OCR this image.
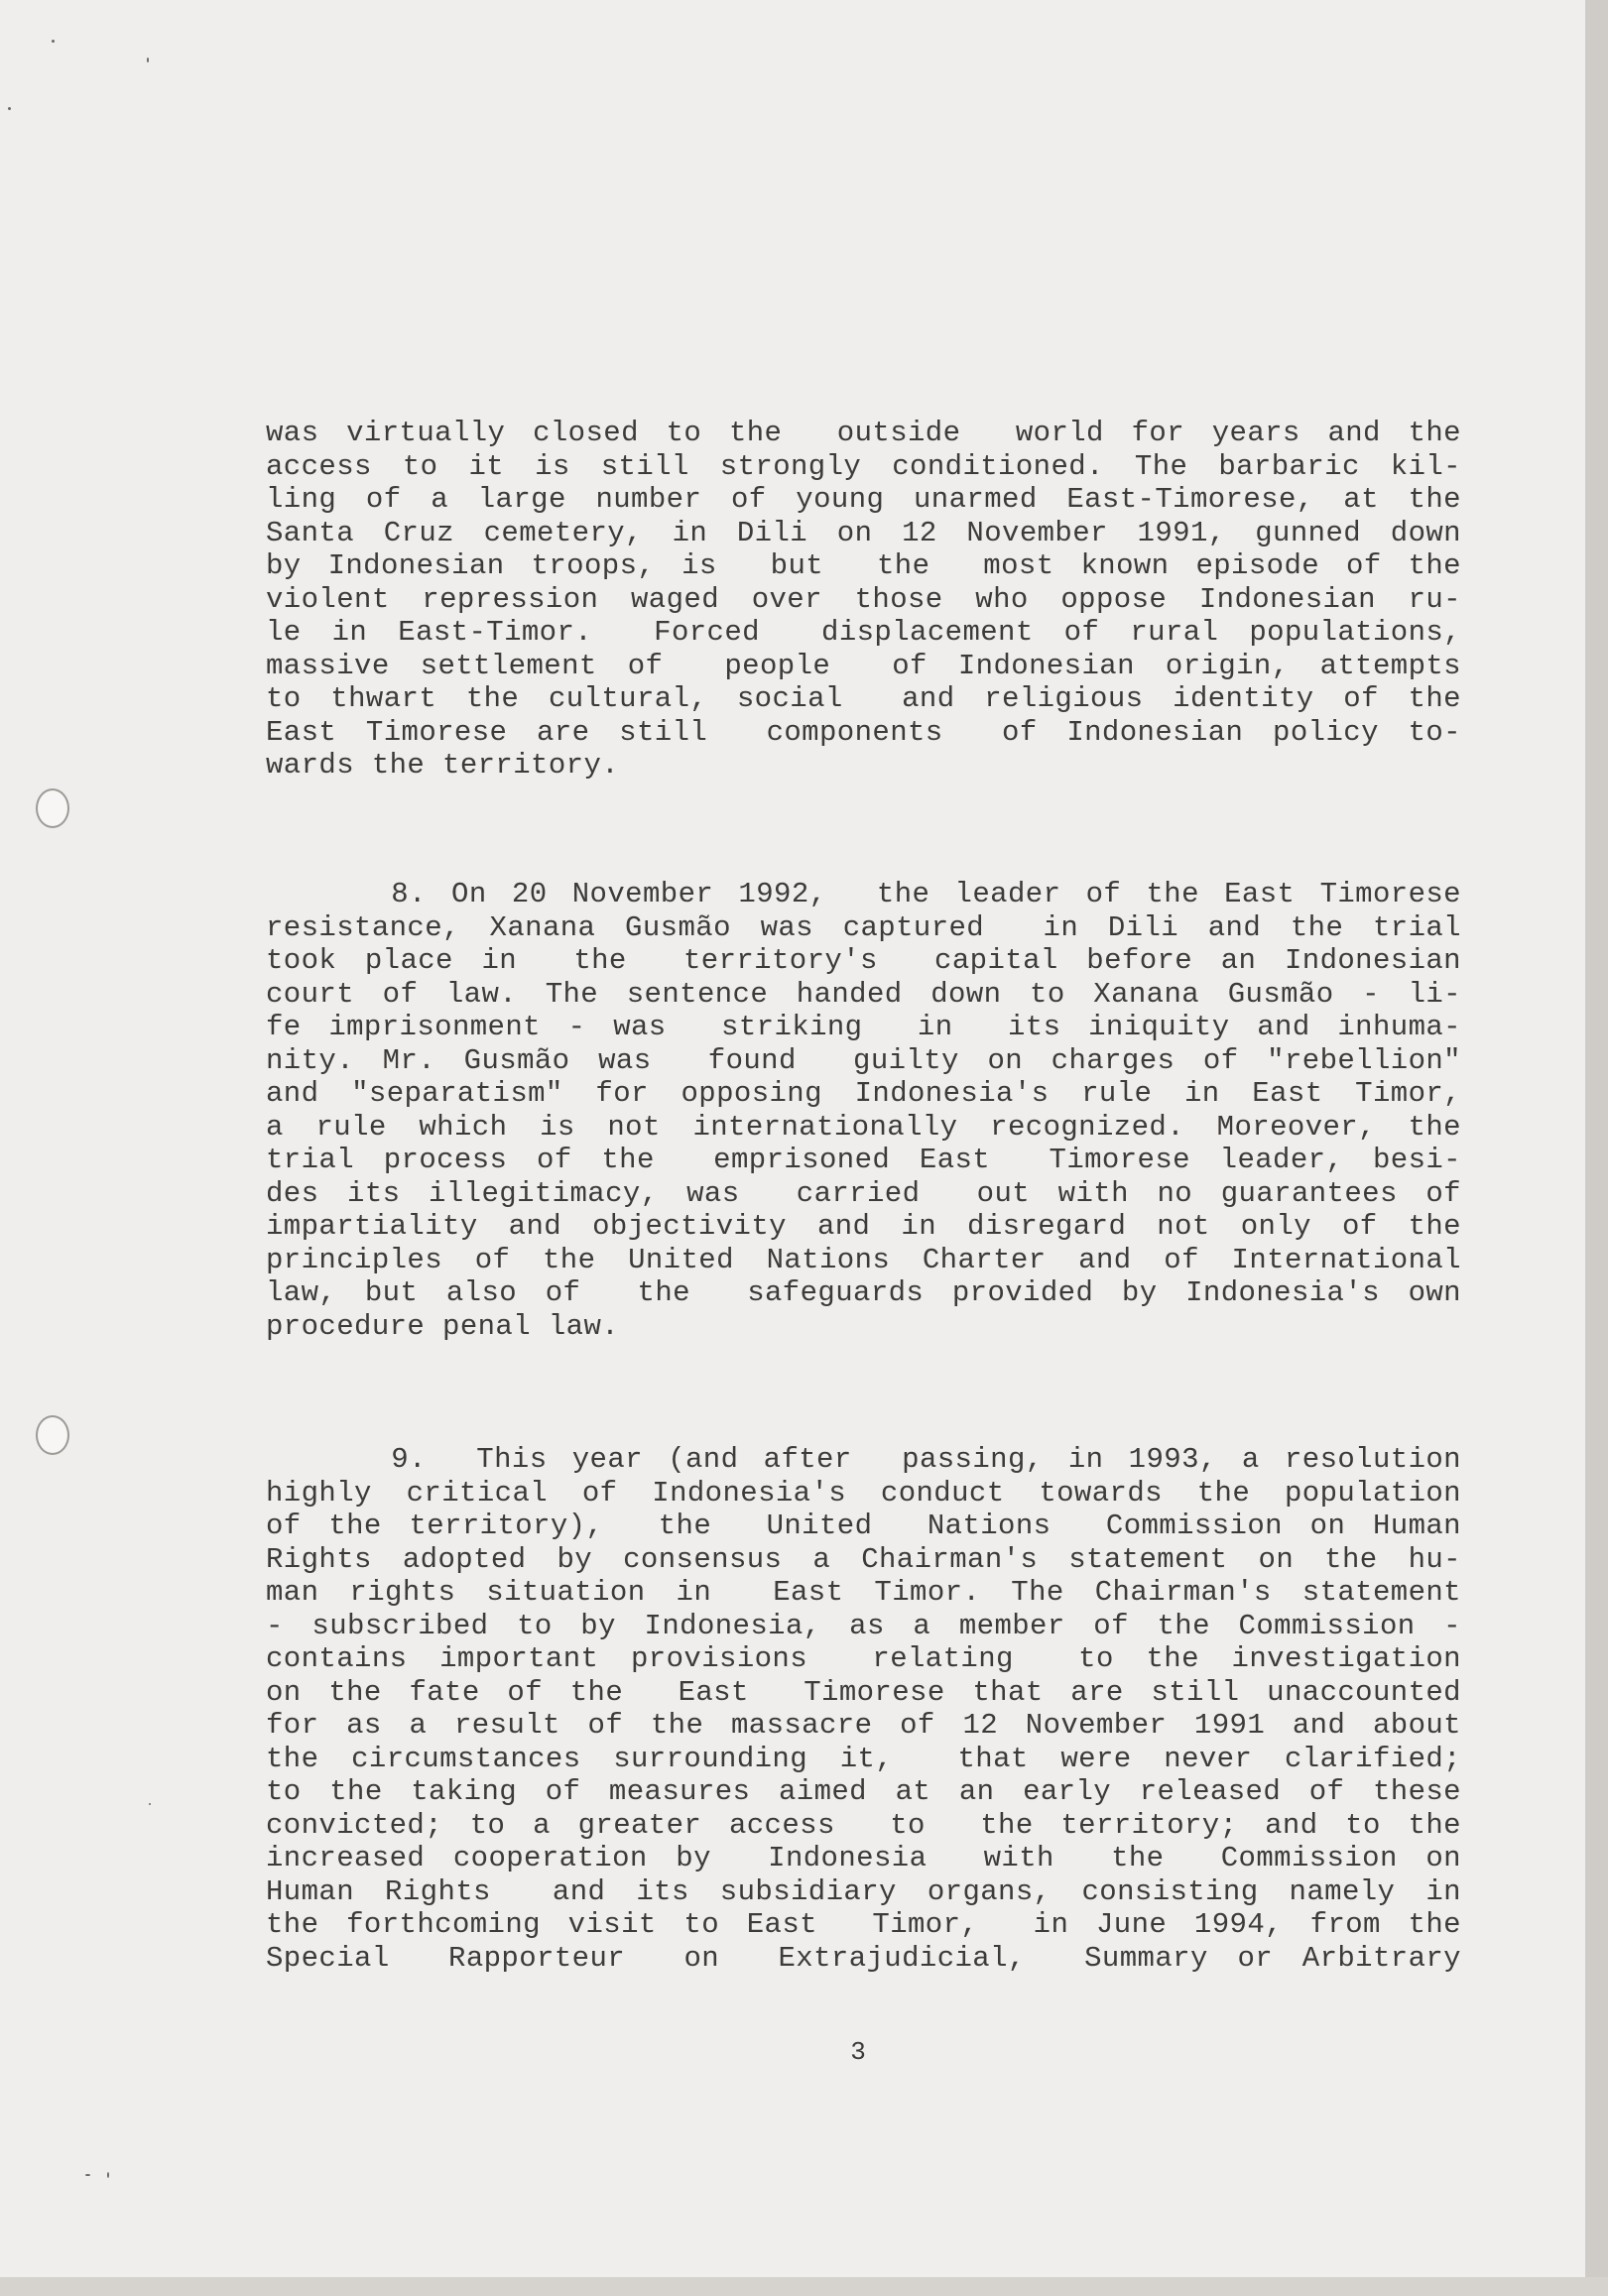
was virtually closed to the  outside  world for years and the
access to it is still strongly conditioned. The barbaric kil-
ling of a large number of young unarmed East-Timorese, at the
Santa Cruz cemetery, in Dili on 12 November 1991, gunned down
by Indonesian troops, is  but  the  most known episode of the
violent repression waged over those who oppose Indonesian ru-
le in East-Timor.  Forced  displacement of rural populations,
massive settlement of  people  of Indonesian origin, attempts
to thwart the cultural, social  and religious identity of the
East Timorese are still  components  of Indonesian policy to-
wards the territory.
8. On 20 November 1992,  the leader of the East Timorese
resistance, Xanana Gusmão was captured  in Dili and the trial
took place in  the  territory's  capital before an Indonesian
court of law. The sentence handed down to Xanana Gusmão - li-
fe imprisonment - was  striking  in  its iniquity and inhuma-
nity. Mr. Gusmão was  found  guilty on charges of "rebellion"
and "separatism" for opposing Indonesia's rule in East Timor,
a rule which is not internationally recognized. Moreover, the
trial process of the  emprisoned East  Timorese leader, besi-
des its illegitimacy, was  carried  out with no guarantees of
impartiality and objectivity and in disregard not only of the
principles of the United Nations Charter and of International
law, but also of  the  safeguards provided by Indonesia's own
procedure penal law.
9.  This year (and after  passing, in 1993, a resolution
highly critical of Indonesia's conduct towards the population
of the territory),  the  United  Nations  Commission on Human
Rights adopted by consensus a Chairman's statement on the hu-
man rights situation in  East Timor. The Chairman's statement
- subscribed to by Indonesia, as a member of the Commission -
contains important provisions  relating  to the investigation
on the fate of the  East  Timorese that are still unaccounted
for as a result of the massacre of 12 November 1991 and about
the circumstances surrounding it,  that were never clarified;
to the taking of measures aimed at an early released of these
convicted; to a greater access  to  the territory; and to the
increased cooperation by  Indonesia  with  the  Commission on
Human Rights  and its subsidiary organs, consisting namely in
the forthcoming visit to East  Timor,  in June 1994, from the
Special  Rapporteur  on  Extrajudicial,  Summary or Arbitrary
3
